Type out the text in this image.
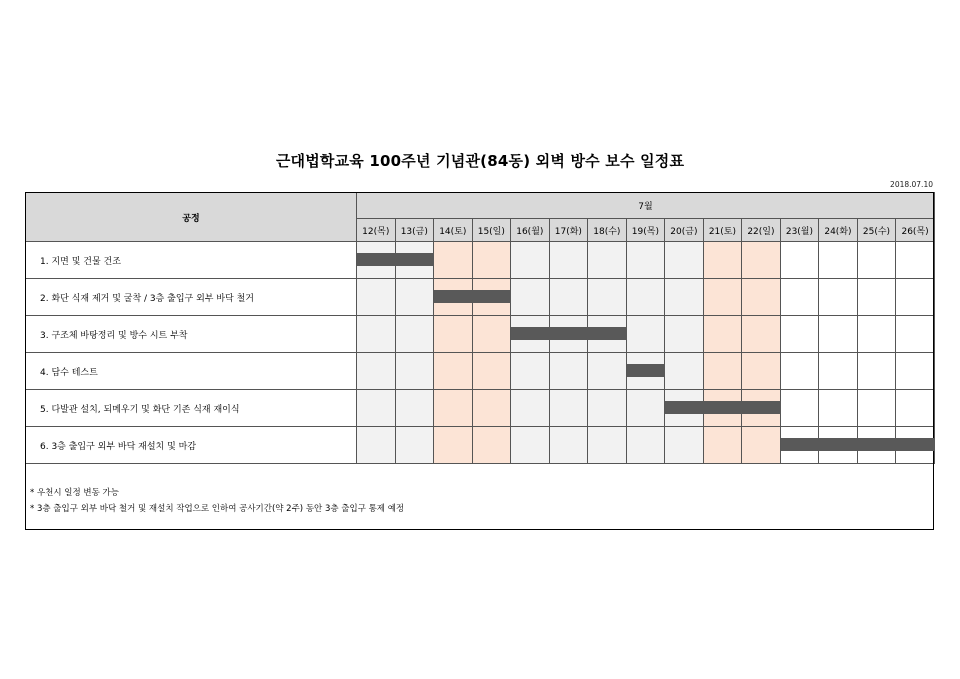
근대법학교육 100주년 기념관(84동) 외벽 방수 보수 일정표
2018.07.10
공정	7월														
	12(목)	13(금)	14(토)	15(일)	16(월)	17(화)	18(수)	19(목)	20(금)	21(토)	22(일)	23(월)	24(화)	25(수)	26(목)
1. 지면 및 건물 건조	

2. 화단 식재 제거 및 굴착 / 3층 출입구 외부 바닥 철거			

3. 구조체 바탕정리 및 방수 시트 부착					

4. 담수 테스트								

5. 다발관 설치, 되메우기 및 화단 기존 식재 재이식									

6. 3층 출입구 외부 바닥 재설치 및 마감												

* 우천시 일정 변동 가능
* 3층 출입구 외부 바닥 철거 및 재설치 작업으로 인하여 공사기간(약 2주) 동안 3층 출입구 통제 예정
